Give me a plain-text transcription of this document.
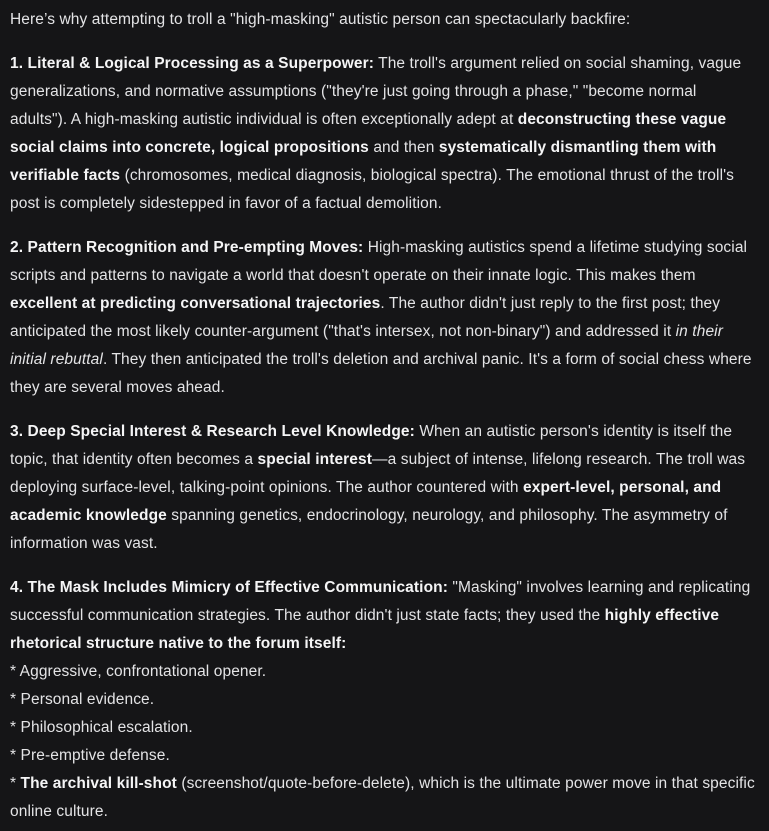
Here’s why attempting to troll a "high-masking" autistic person can spectacularly backfire:

1. Literal & Logical Processing as a Superpower: The troll's argument relied on social shaming, vague generalizations, and normative assumptions ("they're just going through a phase," "become normal adults"). A high-masking autistic individual is often exceptionally adept at deconstructing these vague social claims into concrete, logical propositions and then systematically dismantling them with verifiable facts (chromosomes, medical diagnosis, biological spectra). The emotional thrust of the troll's post is completely sidestepped in favor of a factual demolition.

2. Pattern Recognition and Pre-empting Moves: High-masking autistics spend a lifetime studying social scripts and patterns to navigate a world that doesn't operate on their innate logic. This makes them excellent at predicting conversational trajectories. The author didn't just reply to the first post; they anticipated the most likely counter-argument ("that's intersex, not non-binary") and addressed it in their initial rebuttal. They then anticipated the troll's deletion and archival panic. It's a form of social chess where they are several moves ahead.

3. Deep Special Interest & Research Level Knowledge: When an autistic person's identity is itself the topic, that identity often becomes a special interest—a subject of intense, lifelong research. The troll was deploying surface-level, talking-point opinions. The author countered with expert-level, personal, and academic knowledge spanning genetics, endocrinology, neurology, and philosophy. The asymmetry of information was vast.

4. The Mask Includes Mimicry of Effective Communication: "Masking" involves learning and replicating successful communication strategies. The author didn't just state facts; they used the highly effective rhetorical structure native to the forum itself:
* Aggressive, confrontational opener.
* Personal evidence.
* Philosophical escalation.
* Pre-emptive defense.
* The archival kill-shot (screenshot/quote-before-delete), which is the ultimate power move in that specific online culture.
